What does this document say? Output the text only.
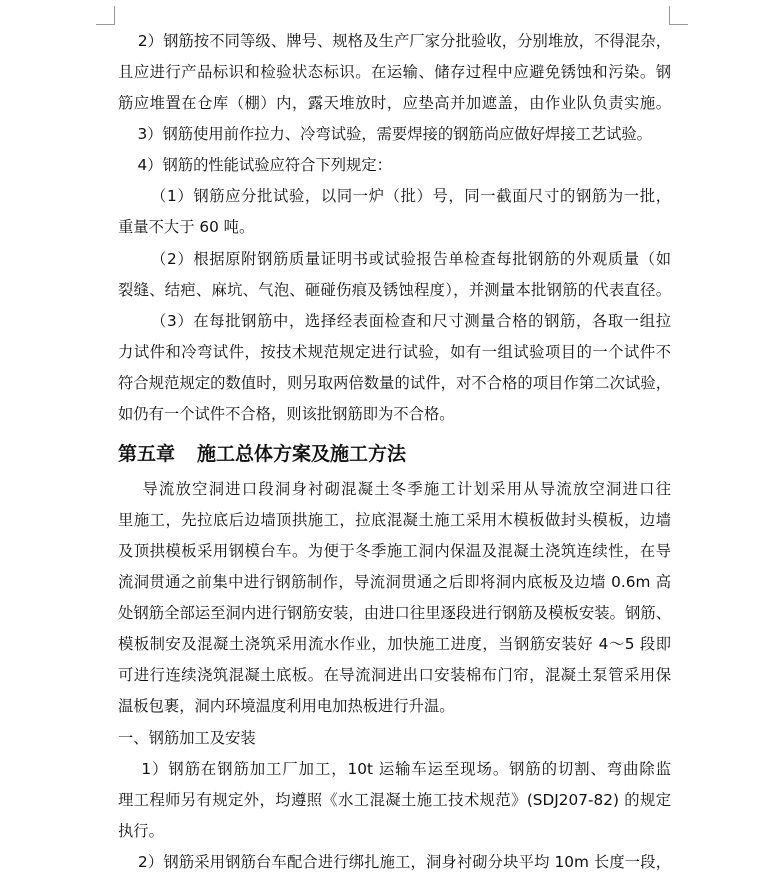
2）钢筋按不同等级、牌号、规格及生产厂家分批验收，分别堆放，不得混杂，
且应进行产品标识和检验状态标识。在运输、储存过程中应避免锈蚀和污染。钢
筋应堆置在仓库（棚）内，露天堆放时，应垫高并加遮盖，由作业队负责实施。
3）钢筋使用前作拉力、冷弯试验，需要焊接的钢筋尚应做好焊接工艺试验。
4）钢筋的性能试验应符合下列规定：
（1）钢筋应分批试验，以同一炉（批）号，同一截面尺寸的钢筋为一批，
重量不大于 60 吨。
（2）根据原附钢筋质量证明书或试验报告单检查每批钢筋的外观质量（如
裂缝、结疤、麻坑、气泡、砸碰伤痕及锈蚀程度），并测量本批钢筋的代表直径。
（3）在每批钢筋中，选择经表面检查和尺寸测量合格的钢筋，各取一组拉
力试件和冷弯试件，按技术规范规定进行试验，如有一组试验项目的一个试件不
符合规范规定的数值时，则另取两倍数量的试件，对不合格的项目作第二次试验，
如仍有一个试件不合格，则该批钢筋即为不合格。
第五章 施工总体方案及施工方法
导流放空洞进口段洞身衬砌混凝土冬季施工计划采用从导流放空洞进口往
里施工，先拉底后边墙顶拱施工，拉底混凝土施工采用木模板做封头模板，边墙
及顶拱模板采用钢模台车。为便于冬季施工洞内保温及混凝土浇筑连续性，在导
流洞贯通之前集中进行钢筋制作，导流洞贯通之后即将洞内底板及边墙 0.6m 高
处钢筋全部运至洞内进行钢筋安装，由进口往里逐段进行钢筋及模板安装。钢筋、
模板制安及混凝土浇筑采用流水作业，加快施工进度，当钢筋安装好 4～5 段即
可进行连续浇筑混凝土底板。在导流洞进出口安装棉布门帘，混凝土泵管采用保
温板包裹，洞内环境温度利用电加热板进行升温。
一、钢筋加工及安装
1）钢筋在钢筋加工厂加工，10t 运输车运至现场。钢筋的切割、弯曲除监
理工程师另有规定外，均遵照《水工混凝土施工技术规范》(SDJ207-82) 的规定
执行。
2）钢筋采用钢筋台车配合进行绑扎施工，洞身衬砌分块平均 10m 长度一段，
